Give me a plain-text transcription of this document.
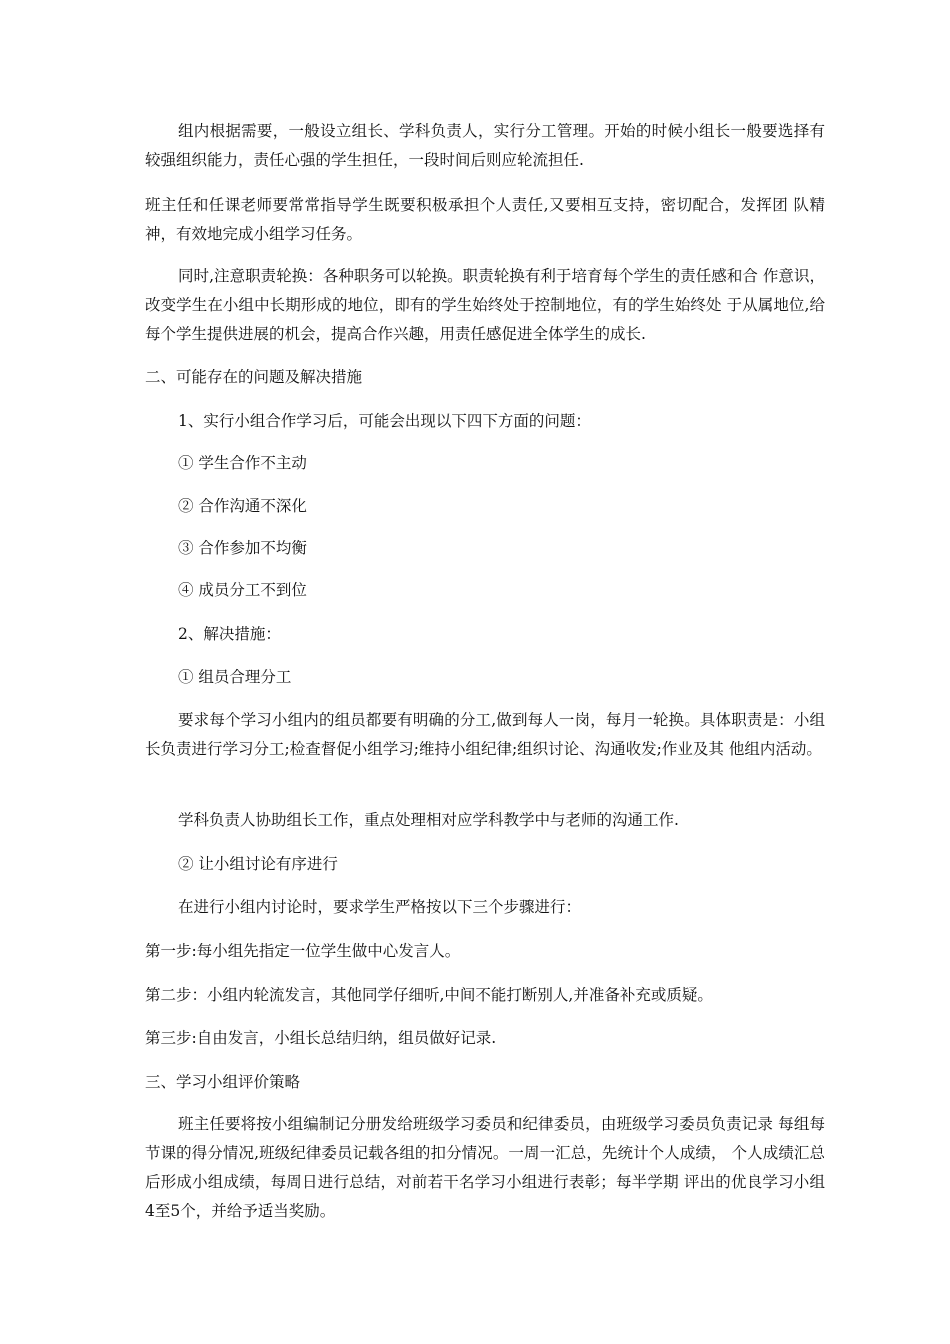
组内根据需要，一般设立组长、学科负责人，实行分工管理。开始的时候小组长一般要选择有较强组织能力，责任心强的学生担任，一段时间后则应轮流担任.

班主任和任课老师要常常指导学生既要积极承担个人责任,又要相互支持，密切配合，发挥团 队精神，有效地完成小组学习任务。

同时,注意职责轮换：各种职务可以轮换。职责轮换有利于培育每个学生的责任感和合 作意识，改变学生在小组中长期形成的地位，即有的学生始终处于控制地位，有的学生始终处 于从属地位,给每个学生提供进展的机会，提高合作兴趣，用责任感促进全体学生的成长.

二、可能存在的问题及解决措施

1、实行小组合作学习后，可能会出现以下四下方面的问题：

① 学生合作不主动

② 合作沟通不深化

③ 合作参加不均衡

④ 成员分工不到位

2、解决措施：

① 组员合理分工

要求每个学习小组内的组员都要有明确的分工,做到每人一岗，每月一轮换。具体职责是：小组长负责进行学习分工;检查督促小组学习;维持小组纪律;组织讨论、沟通收发;作业及其 他组内活动。

学科负责人协助组长工作，重点处理相对应学科教学中与老师的沟通工作.

② 让小组讨论有序进行

在进行小组内讨论时，要求学生严格按以下三个步骤进行：

第一步:每小组先指定一位学生做中心发言人。

第二步：小组内轮流发言，其他同学仔细听,中间不能打断别人,并准备补充或质疑。

第三步:自由发言，小组长总结归纳，组员做好记录.

三、学习小组评价策略

班主任要将按小组编制记分册发给班级学习委员和纪律委员，由班级学习委员负责记录 每组每节课的得分情况,班级纪律委员记载各组的扣分情况。一周一汇总，先统计个人成绩， 个人成绩汇总后形成小组成绩，每周日进行总结，对前若干名学习小组进行表彰；每半学期 评出的优良学习小组4至5个，并给予适当奖励。
